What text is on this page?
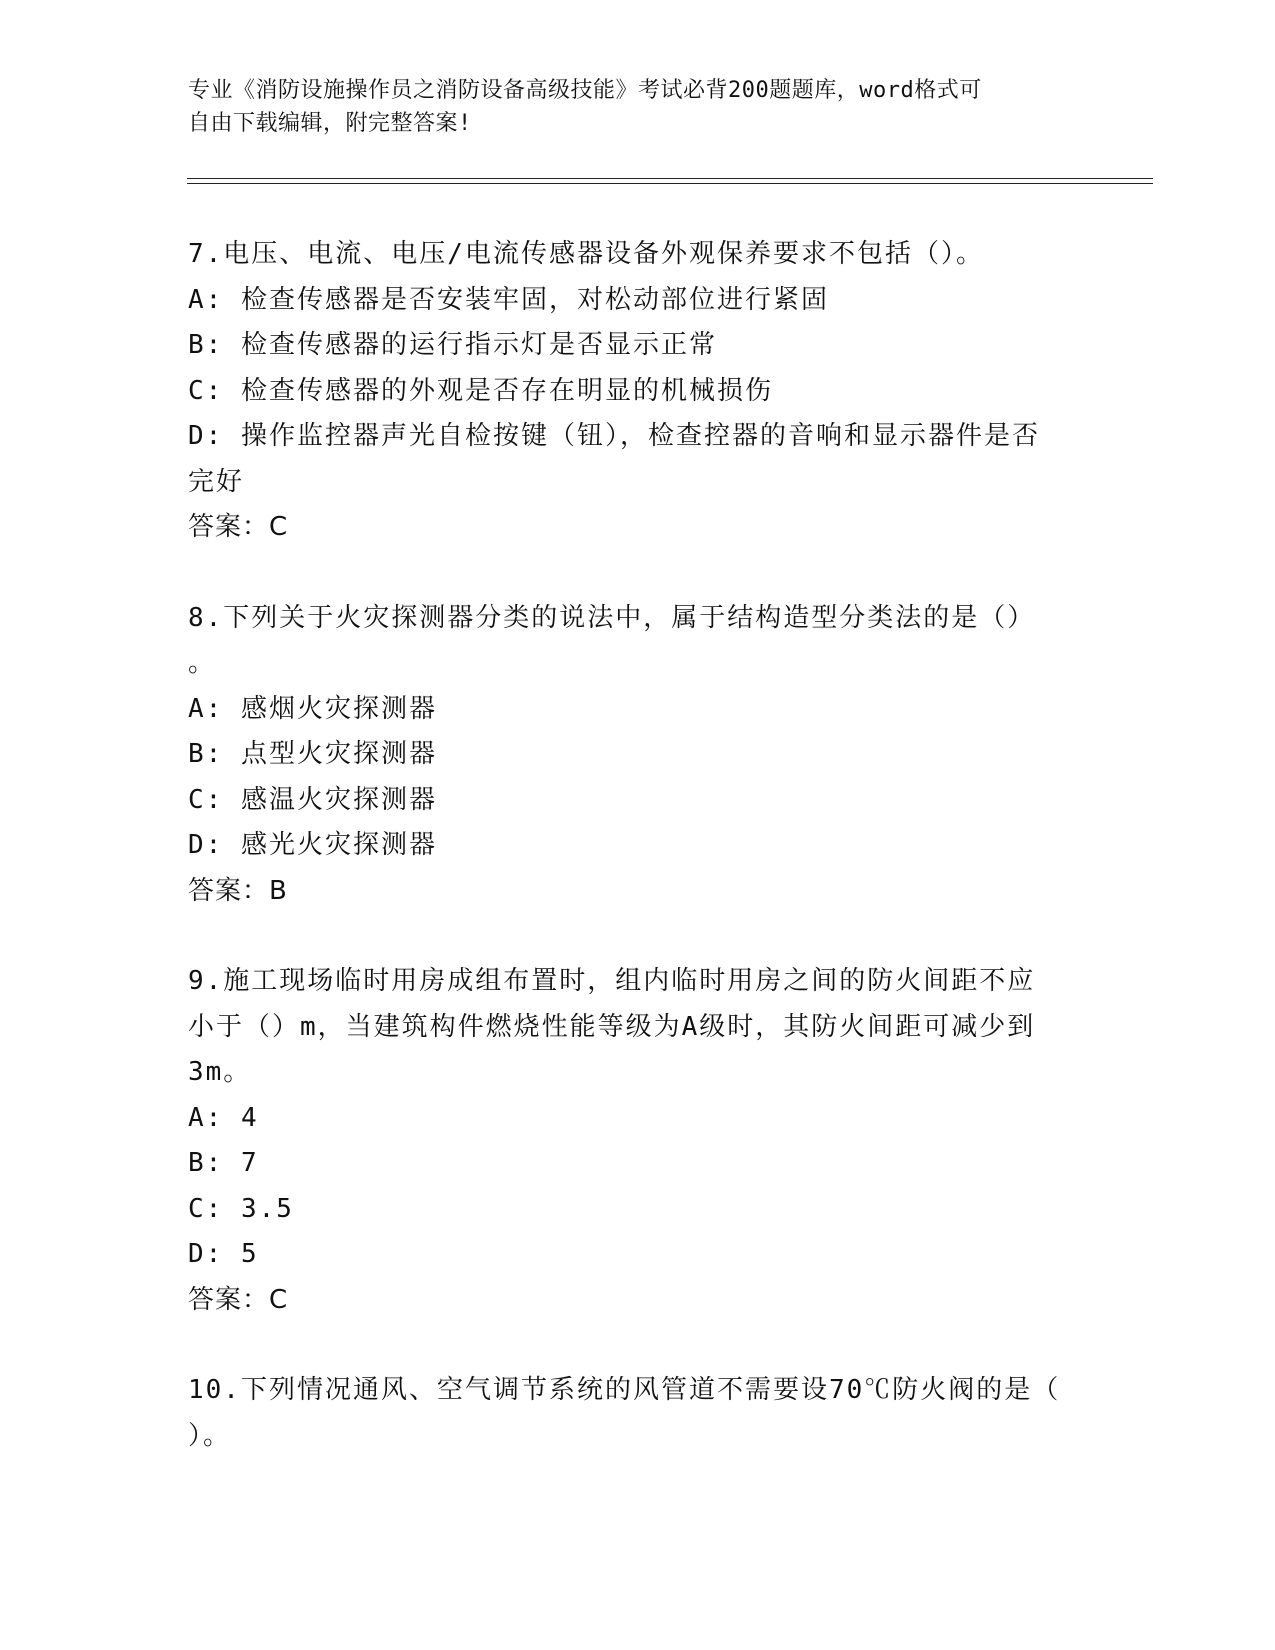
专业《消防设施操作员之消防设备高级技能》考试必背200题题库，word格式可
自由下载编辑，附完整答案!
7.电压、电流、电压/电流传感器设备外观保养要求不包括（）。
A: 检查传感器是否安装牢固，对松动部位进行紧固
B: 检查传感器的运行指示灯是否显示正常
C: 检查传感器的外观是否存在明显的机械损伤
D: 操作监控器声光自检按键（钮），检查控器的音响和显示器件是否
完好
答案：C
8.下列关于火灾探测器分类的说法中，属于结构造型分类法的是（）
。
A: 感烟火灾探测器
B: 点型火灾探测器
C: 感温火灾探测器
D: 感光火灾探测器
答案：B
9.施工现场临时用房成组布置时，组内临时用房之间的防火间距不应
小于（）m，当建筑构件燃烧性能等级为A级时，其防火间距可减少到
3m。
A: 4
B: 7
C: 3.5
D: 5
答案：C
10.下列情况通风、空气调节系统的风管道不需要设70℃防火阀的是（
）。
